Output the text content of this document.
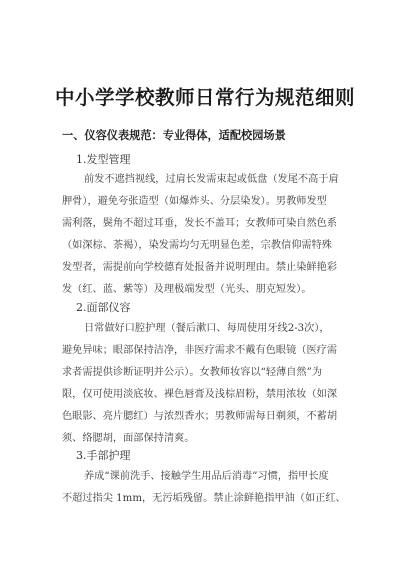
中小学学校教师日常行为规范细则
一、仪容仪表规范：专业得体，适配校园场景
1.发型管理
前发不遮挡视线，过肩长发需束起或低盘（发尾不高于肩
胛骨），避免夸张造型（如爆炸头、分层染发）。男教师发型
需利落，鬓角不超过耳垂，发长不盖耳；女教师可染自然色系
（如深棕、茶褐），染发需均匀无明显色差，宗教信仰需特殊
发型者，需提前向学校德育处报备并说明理由。禁止染鲜艳彩
发（红、蓝、紫等）及理极端发型（光头、朋克短发）。
2.面部仪容
日常做好口腔护理（餐后漱口、每周使用牙线2-3次），
避免异味；眼部保持洁净，非医疗需求不戴有色眼镜（医疗需
求者需提供诊断证明并公示）。女教师妆容以“轻薄自然”为
限，仅可使用淡底妆、裸色唇膏及浅棕眉粉，禁用浓妆（如深
色眼影、亮片腮红）与浓烈香水；男教师需每日剃须，不蓄胡
须、络腮胡，面部保持清爽。
3.手部护理
养成“课前洗手、接触学生用品后消毒”习惯，指甲长度
不超过指尖 1mm，无污垢残留。禁止涂鲜艳指甲油（如正红、
